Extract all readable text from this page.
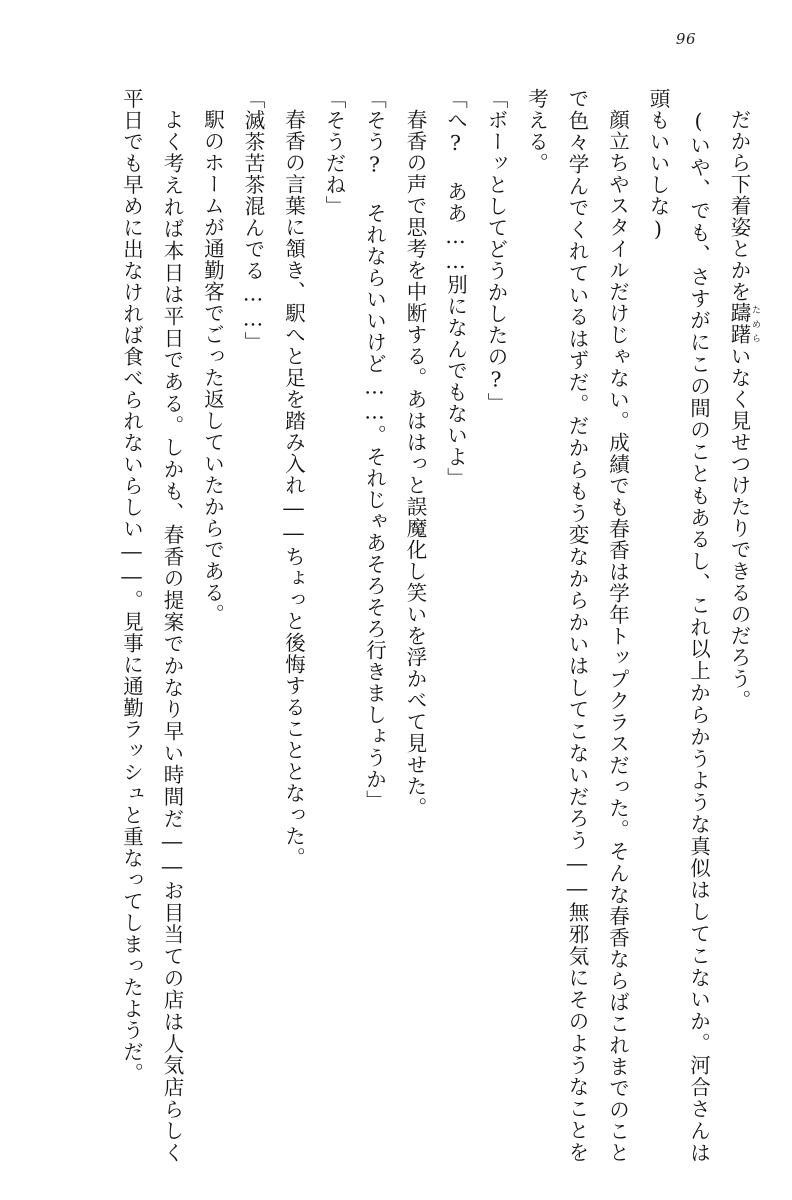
96

だから下着姿とかを躊躇 ためらいなく見せつけたりできるのだろう。

(いや、でも、さすがにこの間のこともあるし、これ以上からかうような真似はしてこないか。河合さんは頭もいいしな)

顔立ちやスタイルだけじゃない。成績でも春香は学年トップクラスだった。そんな春香ならばこれまでのことで色々学んでくれているはずだ。だからもう変なからかいはしてこないだろう――無邪気にそのようなことを考える。

「ボーッとしてどうかしたの?」

「へ? ああ……別になんでもないよ」

春香の声で思考を中断する。あははっと誤魔化し笑いを浮かべて見せた。

「そう? それならいいけど……。それじゃあそろそろ行きましょうか」

「そうだね」

春香の言葉に頷き、駅へと足を踏み入れ――ちょっと後悔することとなった。

「滅茶苦茶混んでる……」

駅のホームが通勤客でごった返していたからである。

よく考えれば本日は平日である。しかも、春香の提案でかなり早い時間だ――お目当ての店は人気店らしく平日でも早めに出なければ食べられないらしい――。見事に通勤ラッシュと重なってしまったようだ。
